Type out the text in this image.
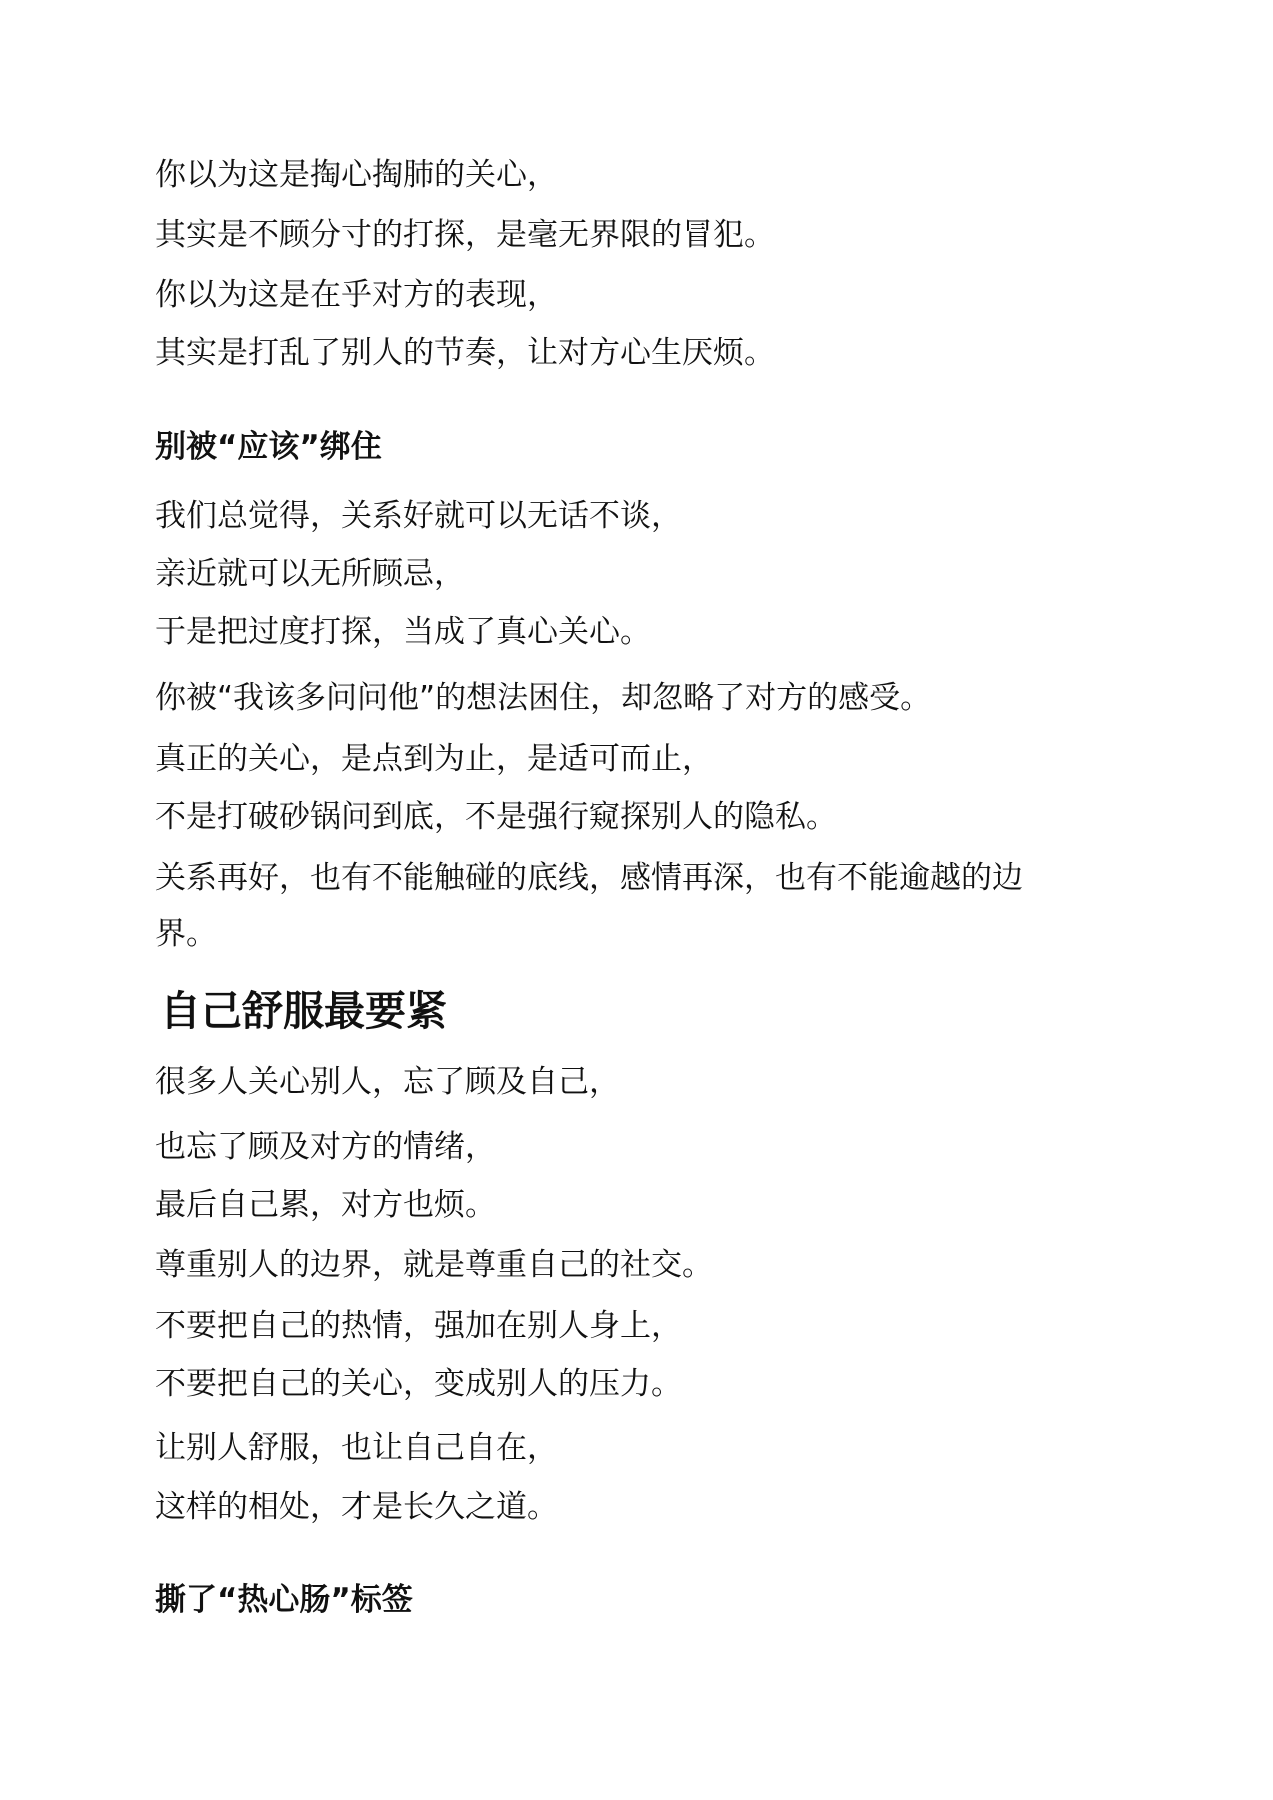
你以为这是掏心掏肺的关心，

其实是不顾分寸的打探，是毫无界限的冒犯。

你以为这是在乎对方的表现，

其实是打乱了别人的节奏，让对方心生厌烦。

别被“应该”绑住

我们总觉得，关系好就可以无话不谈，

亲近就可以无所顾忌，

于是把过度打探，当成了真心关心。

你被“我该多问问他”的想法困住，却忽略了对方的感受。

真正的关心，是点到为止，是适可而止，

不是打破砂锅问到底，不是强行窥探别人的隐私。

关系再好，也有不能触碰的底线，感情再深，也有不能逾越的边

界。

自己舒服最要紧

很多人关心别人，忘了顾及自己，

也忘了顾及对方的情绪，

最后自己累，对方也烦。

尊重别人的边界，就是尊重自己的社交。

不要把自己的热情，强加在别人身上，

不要把自己的关心，变成别人的压力。

让别人舒服，也让自己自在，

这样的相处，才是长久之道。

撕了“热心肠”标签
